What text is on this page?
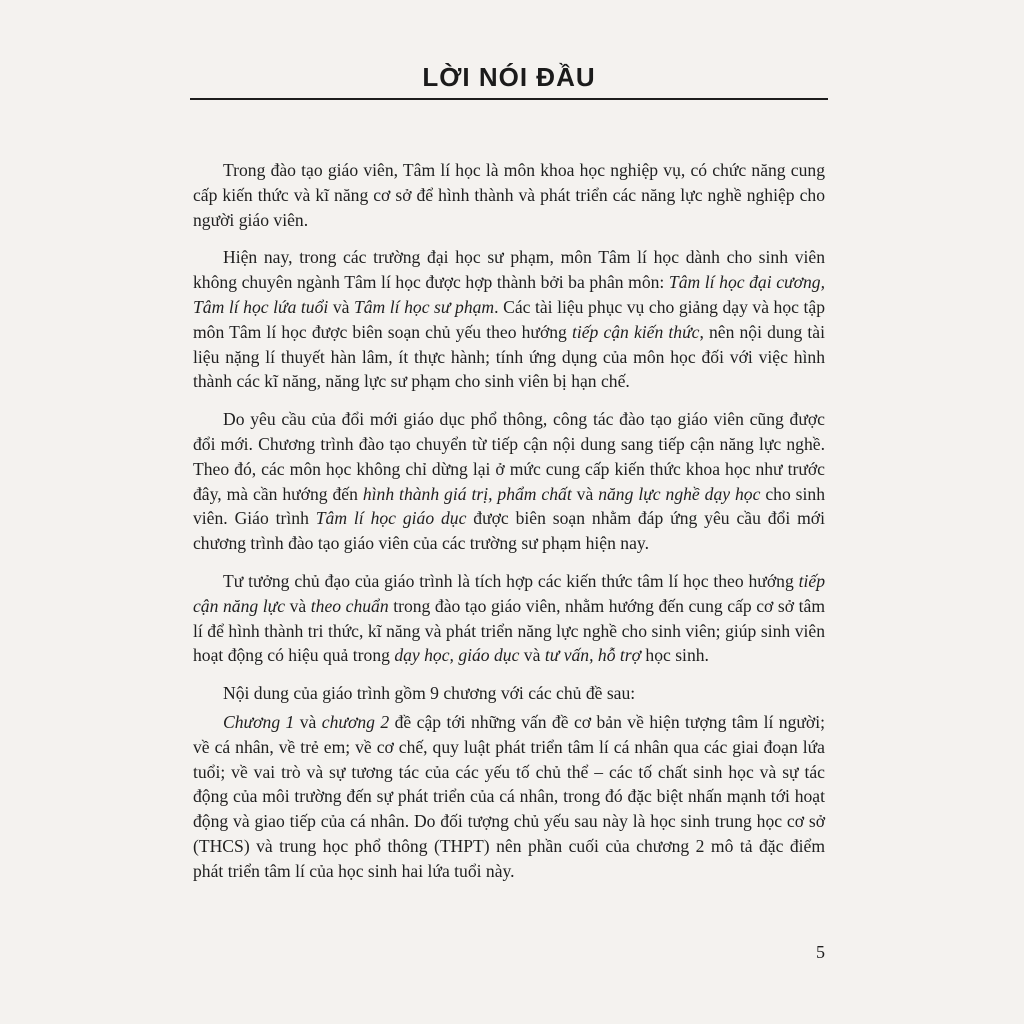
LỜI NÓI ĐẦU

Trong đào tạo giáo viên, Tâm lí học là môn khoa học nghiệp vụ, có chức năng cung cấp kiến thức và kĩ năng cơ sở để hình thành và phát triển các năng lực nghề nghiệp cho người giáo viên.

Hiện nay, trong các trường đại học sư phạm, môn Tâm lí học dành cho sinh viên không chuyên ngành Tâm lí học được hợp thành bởi ba phân môn: Tâm lí học đại cương, Tâm lí học lứa tuổi và Tâm lí học sư phạm. Các tài liệu phục vụ cho giảng dạy và học tập môn Tâm lí học được biên soạn chủ yếu theo hướng tiếp cận kiến thức, nên nội dung tài liệu nặng lí thuyết hàn lâm, ít thực hành; tính ứng dụng của môn học đối với việc hình thành các kĩ năng, năng lực sư phạm cho sinh viên bị hạn chế.

Do yêu cầu của đổi mới giáo dục phổ thông, công tác đào tạo giáo viên cũng được đổi mới. Chương trình đào tạo chuyển từ tiếp cận nội dung sang tiếp cận năng lực nghề. Theo đó, các môn học không chỉ dừng lại ở mức cung cấp kiến thức khoa học như trước đây, mà cần hướng đến hình thành giá trị, phẩm chất và năng lực nghề dạy học cho sinh viên. Giáo trình Tâm lí học giáo dục được biên soạn nhằm đáp ứng yêu cầu đổi mới chương trình đào tạo giáo viên của các trường sư phạm hiện nay.

Tư tưởng chủ đạo của giáo trình là tích hợp các kiến thức tâm lí học theo hướng tiếp cận năng lực và theo chuẩn trong đào tạo giáo viên, nhằm hướng đến cung cấp cơ sở tâm lí để hình thành tri thức, kĩ năng và phát triển năng lực nghề cho sinh viên; giúp sinh viên hoạt động có hiệu quả trong dạy học, giáo dục và tư vấn, hỗ trợ học sinh.

Nội dung của giáo trình gồm 9 chương với các chủ đề sau:

Chương 1 và chương 2 đề cập tới những vấn đề cơ bản về hiện tượng tâm lí người; về cá nhân, về trẻ em; về cơ chế, quy luật phát triển tâm lí cá nhân qua các giai đoạn lứa tuổi; về vai trò và sự tương tác của các yếu tố chủ thể – các tố chất sinh học và sự tác động của môi trường đến sự phát triển của cá nhân, trong đó đặc biệt nhấn mạnh tới hoạt động và giao tiếp của cá nhân. Do đối tượng chủ yếu sau này là học sinh trung học cơ sở (THCS) và trung học phổ thông (THPT) nên phần cuối của chương 2 mô tả đặc điểm phát triển tâm lí của học sinh hai lứa tuổi này.

5
